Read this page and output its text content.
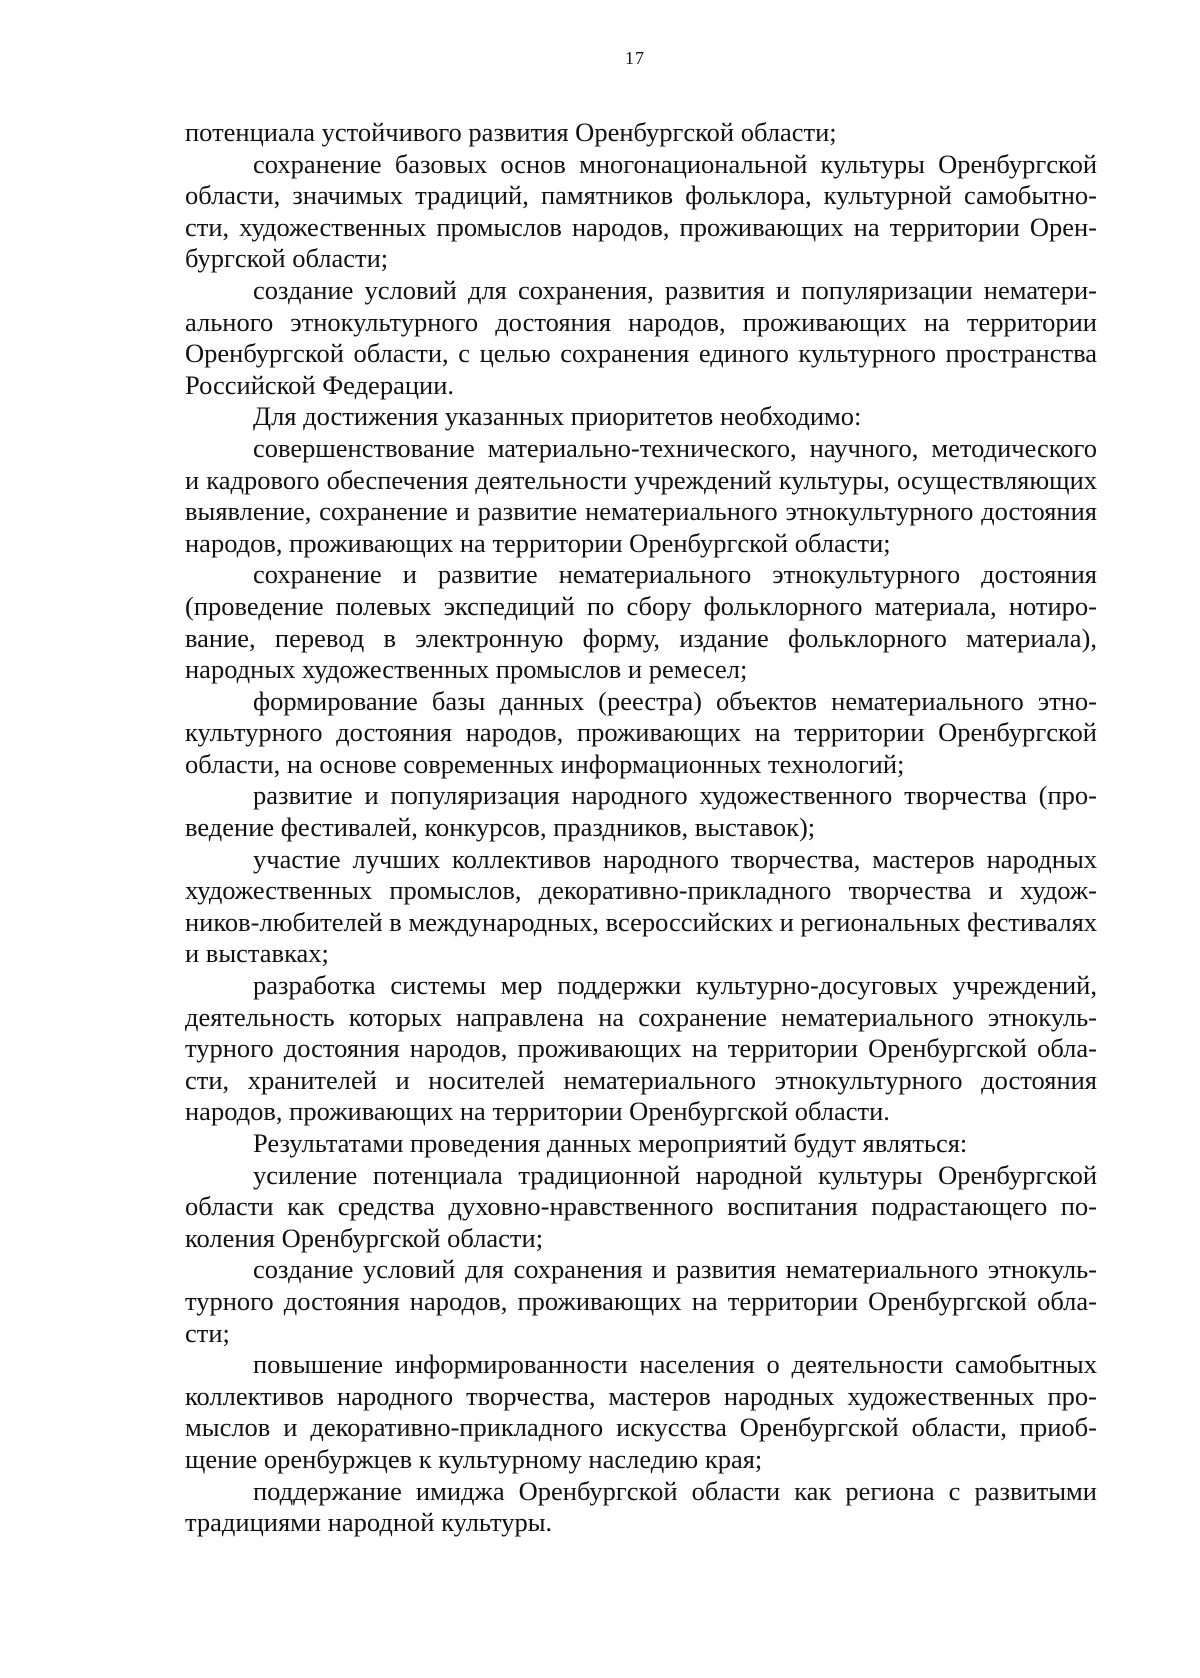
17

потенциала устойчивого развития Оренбургской области;

сохранение базовых основ многонациональной культуры Оренбургской области, значимых традиций, памятников фольклора, культурной самобытности, художественных промыслов народов, проживающих на территории Оренбургской области;

создание условий для сохранения, развития и популяризации нематериального этнокультурного достояния народов, проживающих на территории Оренбургской области, с целью сохранения единого культурного пространства Российской Федерации.

Для достижения указанных приоритетов необходимо:

совершенствование материально-технического, научного, методического и кадрового обеспечения деятельности учреждений культуры, осуществляющих выявление, сохранение и развитие нематериального этнокультурного достояния народов, проживающих на территории Оренбургской области;

сохранение и развитие нематериального этнокультурного достояния (проведение полевых экспедиций по сбору фольклорного материала, нотирование, перевод в электронную форму, издание фольклорного материала), народных художественных промыслов и ремесел;

формирование базы данных (реестра) объектов нематериального этнокультурного достояния народов, проживающих на территории Оренбургской области, на основе современных информационных технологий;

развитие и популяризация народного художественного творчества (проведение фестивалей, конкурсов, праздников, выставок);

участие лучших коллективов народного творчества, мастеров народных художественных промыслов, декоративно-прикладного творчества и художников-любителей в международных, всероссийских и региональных фестивалях и выставках;

разработка системы мер поддержки культурно-досуговых учреждений, деятельность которых направлена на сохранение нематериального этнокультурного достояния народов, проживающих на территории Оренбургской области, хранителей и носителей нематериального этнокультурного достояния народов, проживающих на территории Оренбургской области.

Результатами проведения данных мероприятий будут являться:

усиление потенциала традиционной народной культуры Оренбургской области как средства духовно-нравственного воспитания подрастающего поколения Оренбургской области;

создание условий для сохранения и развития нематериального этнокультурного достояния народов, проживающих на территории Оренбургской области;

повышение информированности населения о деятельности самобытных коллективов народного творчества, мастеров народных художественных промыслов и декоративно-прикладного искусства Оренбургской области, приобщение оренбуржцев к культурному наследию края;

поддержание имиджа Оренбургской области как региона с развитыми традициями народной культуры.
